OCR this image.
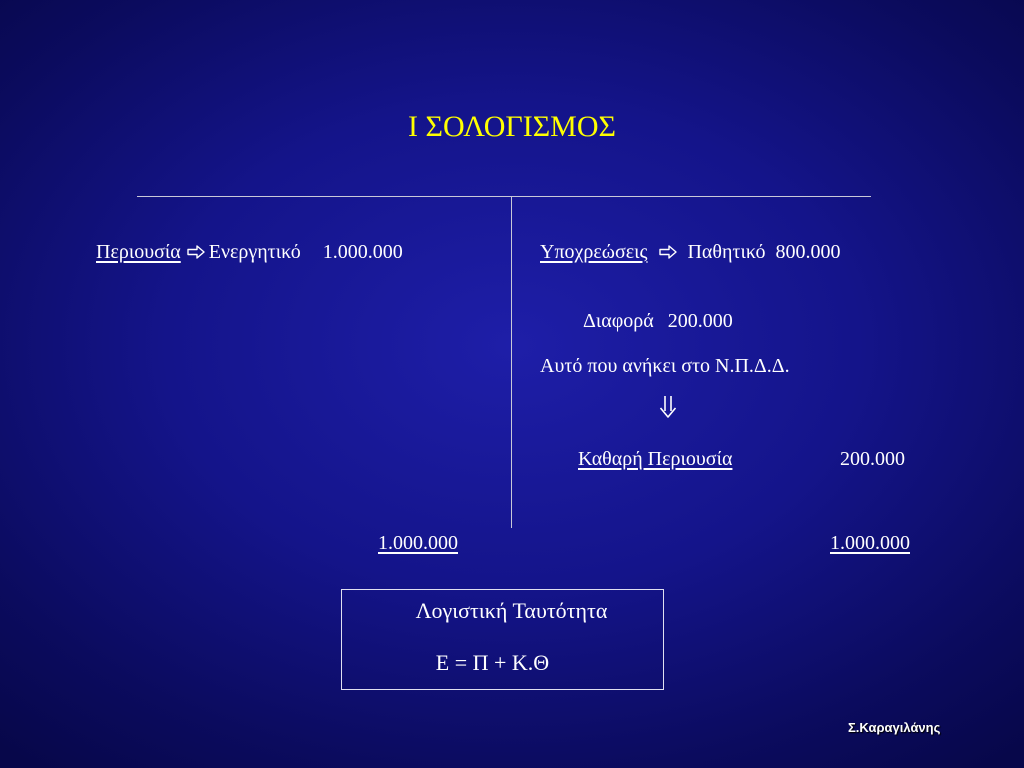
Ι ΣΟΛΟΓΙΣΜΟΣ
Περιουσία Ενεργητικό 1.000.000	Υποχρεώσεις Παθητικό 800.000
Διαφορά 200.000
Αυτό που ανήκει στο Ν.Π.Δ.Δ.
Καθαρή Περιουσία	200.000
1.000.000	1.000.000
Λογιστική Ταυτότητα
Ε = Π + Κ.Θ
Σ.Καραγιλάνης
